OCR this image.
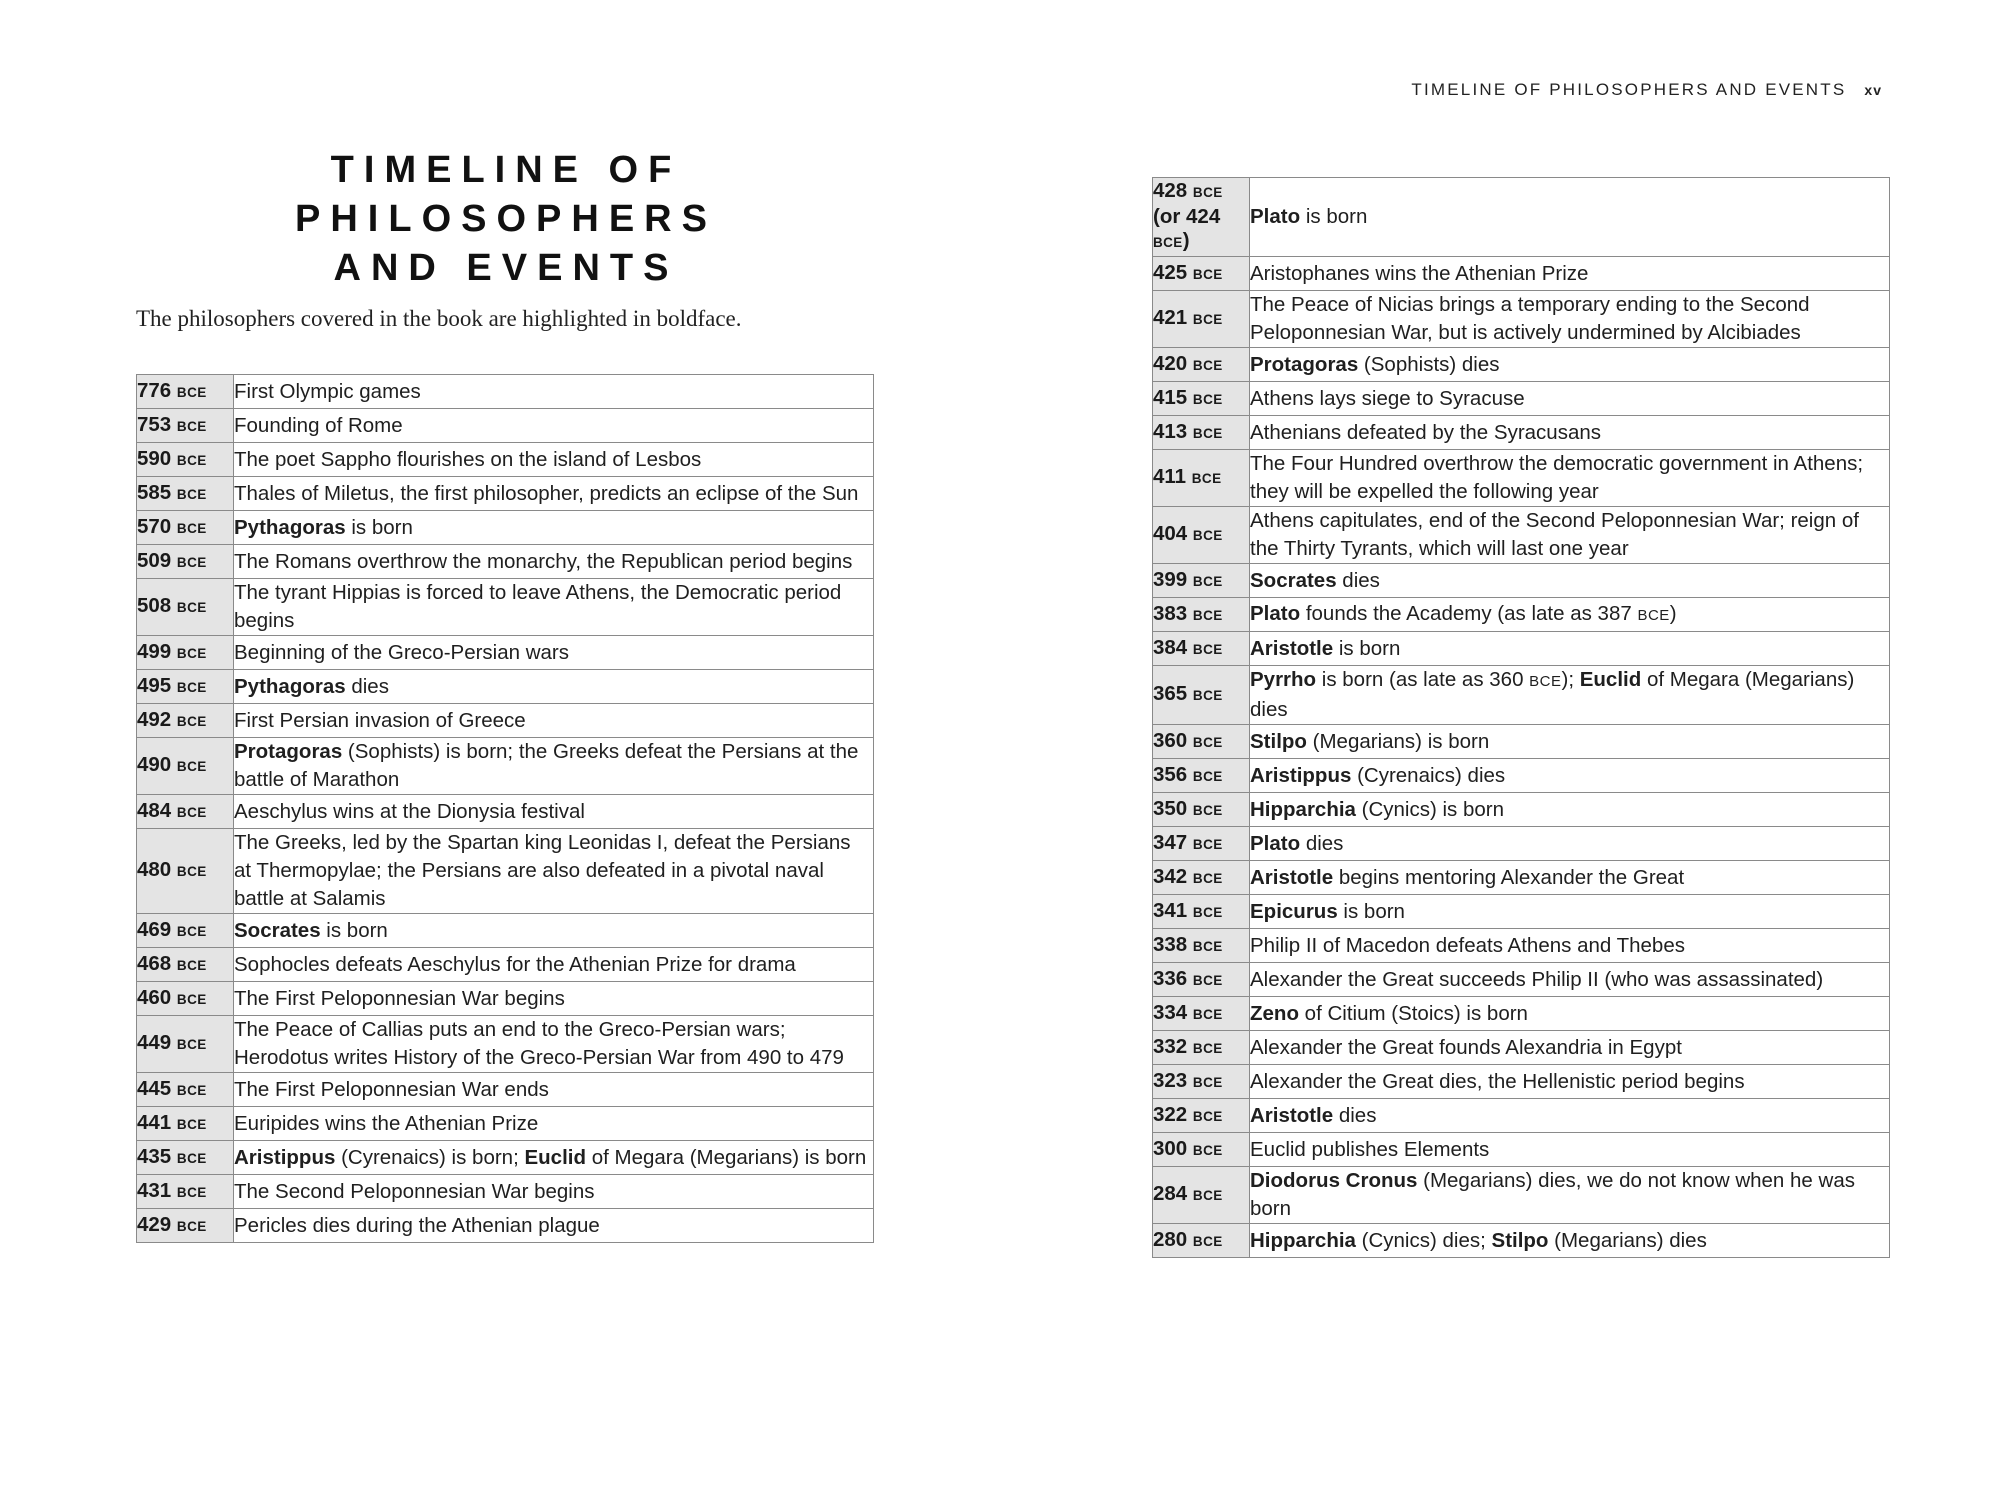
TIMELINE OF PHILOSOPHERS
AND EVENTS

The philosophers covered in the book are highlighted in boldface.

776 BCE	First Olympic games
753 BCE	Founding of Rome
590 BCE	The poet Sappho flourishes on the island of Lesbos
585 BCE	Thales of Miletus, the first philosopher, predicts an eclipse of the Sun
570 BCE	Pythagoras is born
509 BCE	The Romans overthrow the monarchy, the Republican period begins
508 BCE	The tyrant Hippias is forced to leave Athens, the Democratic period begins
499 BCE	Beginning of the Greco-Persian wars
495 BCE	Pythagoras dies
492 BCE	First Persian invasion of Greece
490 BCE	Protagoras (Sophists) is born; the Greeks defeat the Persians at the battle of Marathon
484 BCE	Aeschylus wins at the Dionysia festival
480 BCE	The Greeks, led by the Spartan king Leonidas I, defeat the Persians at Thermopylae; the Persians are also defeated in a pivotal naval battle at Salamis
469 BCE	Socrates is born
468 BCE	Sophocles defeats Aeschylus for the Athenian Prize for drama
460 BCE	The First Peloponnesian War begins
449 BCE	The Peace of Callias puts an end to the Greco-Persian wars; Herodotus writes History of the Greco-Persian War from 490 to 479
445 BCE	The First Peloponnesian War ends
441 BCE	Euripides wins the Athenian Prize
435 BCE	Aristippus (Cyrenaics) is born; Euclid of Megara (Megarians) is born
431 BCE	The Second Peloponnesian War begins
429 BCE	Pericles dies during the Athenian plague
TIMELINE OF PHILOSOPHERS AND EVENTS xv
428 BCE
(or 424
BCE)	Plato is born
425 BCE	Aristophanes wins the Athenian Prize
421 BCE	The Peace of Nicias brings a temporary ending to the Second Peloponnesian War, but is actively undermined by Alcibiades
420 BCE	Protagoras (Sophists) dies
415 BCE	Athens lays siege to Syracuse
413 BCE	Athenians defeated by the Syracusans
411 BCE	The Four Hundred overthrow the democratic government in Athens; they will be expelled the following year
404 BCE	Athens capitulates, end of the Second Peloponnesian War; reign of the Thirty Tyrants, which will last one year
399 BCE	Socrates dies
383 BCE	Plato founds the Academy (as late as 387 BCE)
384 BCE	Aristotle is born
365 BCE	Pyrrho is born (as late as 360 BCE); Euclid of Megara (Megarians) dies
360 BCE	Stilpo (Megarians) is born
356 BCE	Aristippus (Cyrenaics) dies
350 BCE	Hipparchia (Cynics) is born
347 BCE	Plato dies
342 BCE	Aristotle begins mentoring Alexander the Great
341 BCE	Epicurus is born
338 BCE	Philip II of Macedon defeats Athens and Thebes
336 BCE	Alexander the Great succeeds Philip II (who was assassinated)
334 BCE	Zeno of Citium (Stoics) is born
332 BCE	Alexander the Great founds Alexandria in Egypt
323 BCE	Alexander the Great dies, the Hellenistic period begins
322 BCE	Aristotle dies
300 BCE	Euclid publishes Elements
284 BCE	Diodorus Cronus (Megarians) dies, we do not know when he was born
280 BCE	Hipparchia (Cynics) dies; Stilpo (Megarians) dies
